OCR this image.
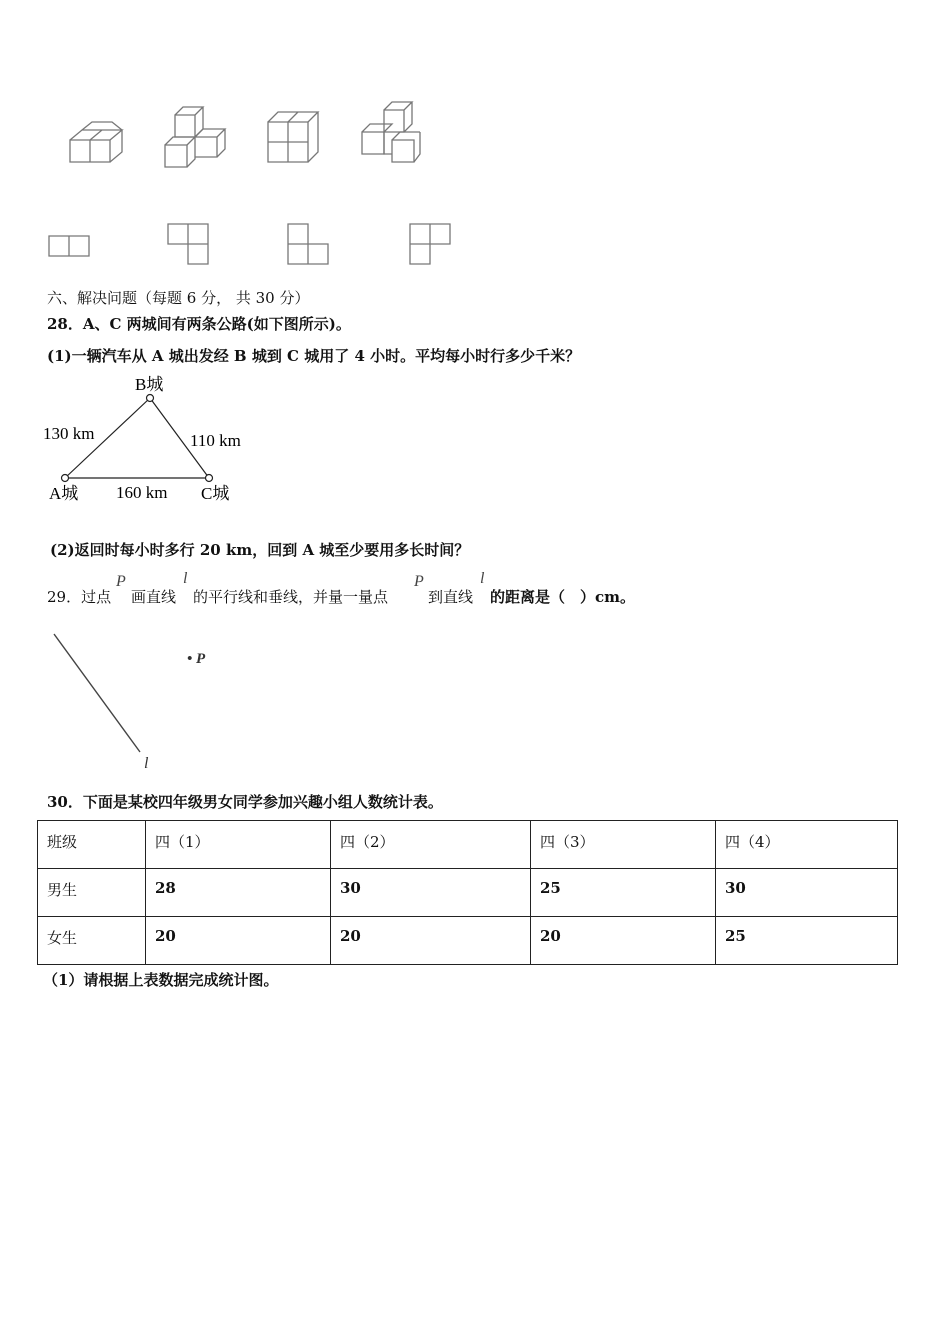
六、解决问题（每题 6 分， 共 30 分）
28．A、C 两城间有两条公路(如下图所示)。
(1)一辆汽车从 A 城出发经 B 城到 C 城用了 4 小时。平均每小时行多少千米？
B城
130 km	110 km
A城 160 km C城
(2)返回时每小时多行 20 km，回到 A 城至少要用多长时间？
29．过点
P
画直线
l
的平行线和垂线，并量一量点
P
到直线
l
的距离是（　）cm。
l
• P
30．下面是某校四年级男女同学参加兴趣小组人数统计表。
班级	四（1）	四（2）	四（3）	四（4）
男生	28	30	25	30
女生	20	20	20	25
（1）请根据上表数据完成统计图。
